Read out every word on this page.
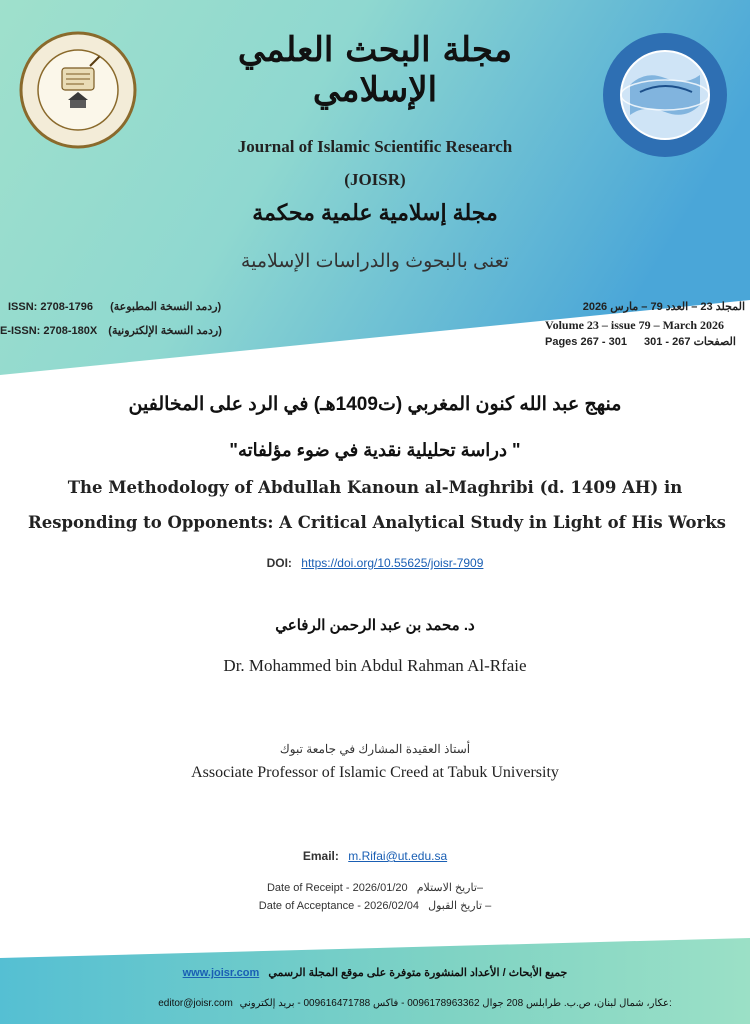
مجلة البحث العلمي الإسلامي
Journal of Islamic Scientific Research
(JOISR)
مجلة إسلامية علمية محكمة
تعنى بالبحوث والدراسات الإسلامية
ISSN: 2708-1796 (ردمد النسخة المطبوعة)
E-ISSN: 2708-180X (ردمد النسخة الإلكترونية)
المجلد 23 – العدد 79 – مارس 2026
Volume 23 – issue 79 – March 2026
Pages 267 - 301 الصفحات 267 - 301
منهج عبد الله كنون المغربي (ت1409هـ) في الرد على المخالفين
" دراسة تحليلية نقدية في ضوء مؤلفاته"
The Methodology of Abdullah Kanoun al-Maghribi (d. 1409 AH) in
Responding to Opponents: A Critical Analytical Study in Light of His Works
DOI: https://doi.org/10.55625/joisr-7909
د. محمد بن عبد الرحمن الرفاعي
Dr. Mohammed bin Abdul Rahman Al-Rfaie
أستاذ العقيدة المشارك في جامعة تبوك
Associate Professor of Islamic Creed at Tabuk University
Email: m.Rifai@ut.edu.sa
Date of Receipt - 2026/01/20 تاريخ الاستلام–
Date of Acceptance - 2026/02/04 تاريخ القبول –
www.joisr.com جميع الأبحاث / الأعداد المنشورة متوفرة على موقع المجلة الرسمي
editor@joisr.com عكار، شمال لبنان، ص.ب. طرابلس 208 جوال 0096178963362 - فاكس 009616471788 - بريد إلكتروني:
